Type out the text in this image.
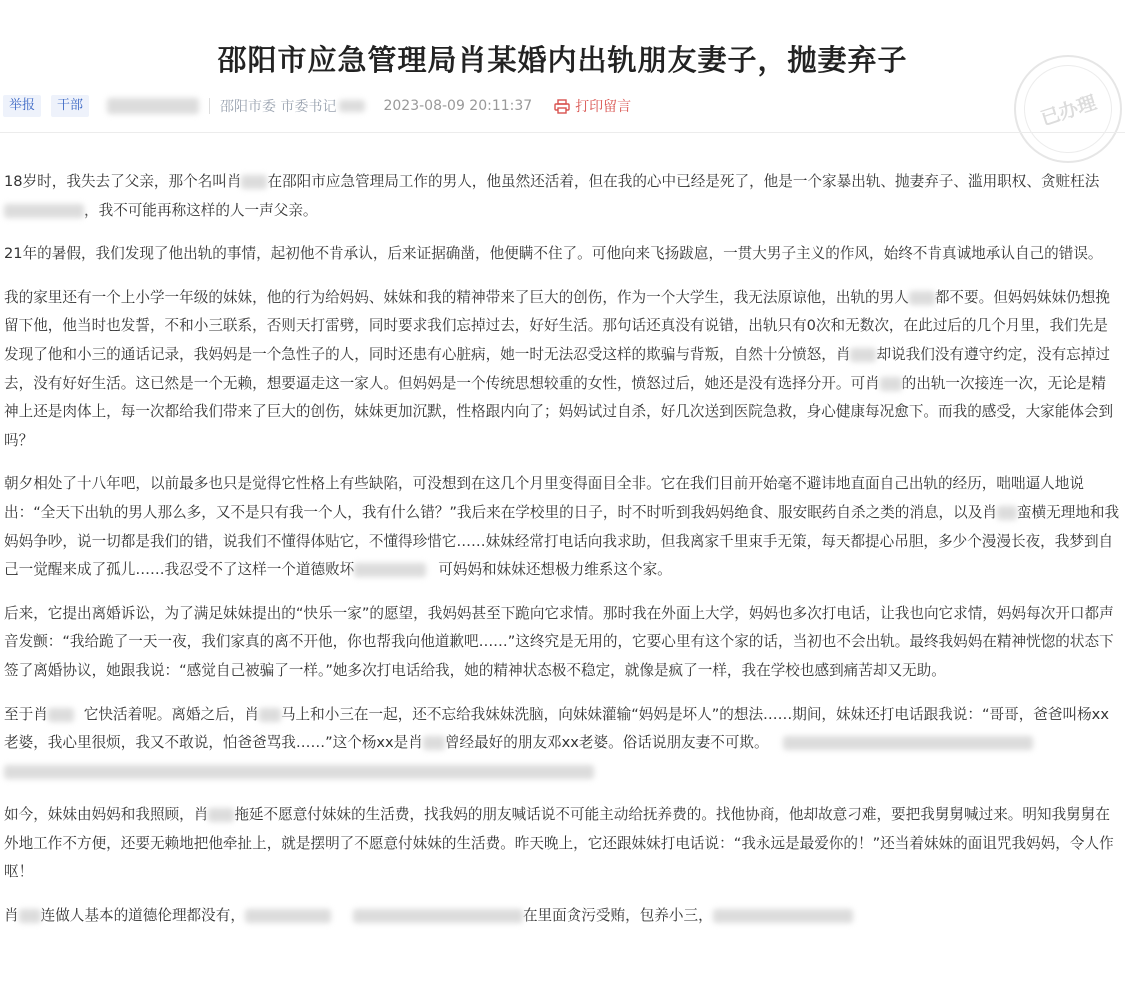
邵阳市应急管理局肖某婚内出轨朋友妻子，抛妻弃子
举报	干部	邵阳市委 市委书记	2023-08-09 20:11:37	打印留言	已办理

18岁时，我失去了父亲，那个名叫肖 在邵阳市应急管理局工作的男人，他虽然还活着，但在我的心中已经是死了，他是一个家暴出轨、抛妻弃子、滥用职权、贪赃枉法，我不可能再称这样的人一声父亲。

21年的暑假，我们发现了他出轨的事情，起初他不肯承认，后来证据确凿，他便瞒不住了。可他向来飞扬跋扈，一贯大男子主义的作风，始终不肯真诚地承认自己的错误。

我的家里还有一个上小学一年级的妹妹，他的行为给妈妈、妹妹和我的精神带来了巨大的创伤，作为一个大学生，我无法原谅他，出轨的男人 都不要。但妈妈妹妹仍想挽留下他，他当时也发誓，不和小三联系，否则天打雷劈，同时要求我们忘掉过去，好好生活。那句话还真没有说错，出轨只有0次和无数次，在此过后的几个月里，我们先是发现了他和小三的通话记录，我妈妈是一个急性子的人，同时还患有心脏病，她一时无法忍受这样的欺骗与背叛，自然十分愤怒，肖 却说我们没有遵守约定，没有忘掉过去，没有好好生活。这已然是一个无赖，想要逼走这一家人。但妈妈是一个传统思想较重的女性，愤怒过后，她还是没有选择分开。可肖 的出轨一次接连一次，无论是精神上还是肉体上，每一次都给我们带来了巨大的创伤，妹妹更加沉默，性格跟内向了；妈妈试过自杀，好几次送到医院急救，身心健康每况愈下。而我的感受，大家能体会到吗？

朝夕相处了十八年吧，以前最多也只是觉得它性格上有些缺陷，可没想到在这几个月里变得面目全非。它在我们目前开始毫不避讳地直面自己出轨的经历，咄咄逼人地说出：“全天下出轨的男人那么多，又不是只有我一个人，我有什么错？”我后来在学校里的日子，时不时听到我妈妈绝食、服安眠药自杀之类的消息，以及肖 蛮横无理地和我妈妈争吵，说一切都是我们的错，说我们不懂得体贴它，不懂得珍惜它……妹妹经常打电话向我求助，但我离家千里束手无策，每天都提心吊胆，多少个漫漫长夜，我梦到自己一觉醒来成了孤儿……我忍受不了这样一个道德败坏	可妈妈和妹妹还想极力维系这个家。

后来，它提出离婚诉讼，为了满足妹妹提出的“快乐一家”的愿望，我妈妈甚至下跪向它求情。那时我在外面上大学，妈妈也多次打电话，让我也向它求情，妈妈每次开口都声音发颤：“我给跪了一天一夜，我们家真的离不开他，你也帮我向他道歉吧……”这终究是无用的，它要心里有这个家的话，当初也不会出轨。最终我妈妈在精神恍惚的状态下签了离婚协议，她跟我说：“感觉自己被骗了一样。”她多次打电话给我，她的精神状态极不稳定，就像是疯了一样，我在学校也感到痛苦却又无助。

至于肖 它快活着呢。离婚之后，肖 马上和小三在一起，还不忘给我妹妹洗脑，向妹妹灌输“妈妈是坏人”的想法……期间，妹妹还打电话跟我说：“哥哥，爸爸叫杨xx老婆，我心里很烦，我又不敢说，怕爸爸骂我……”这个杨xx是肖 曾经最好的朋友邓xx老婆。俗话说朋友妻不可欺。

如今，妹妹由妈妈和我照顾，肖 拖延不愿意付妹妹的生活费，找我妈的朋友喊话说不可能主动给抚养费的。找他协商，他却故意刁难，要把我舅舅喊过来。明知我舅舅在外地工作不方便，还要无赖地把他牵扯上，就是摆明了不愿意付妹妹的生活费。昨天晚上，它还跟妹妹打电话说：“我永远是最爱你的！”还当着妹妹的面诅咒我妈妈，令人作呕！

肖 连做人基本的道德伦理都没有，	在里面贪污受贿，包养小三，
